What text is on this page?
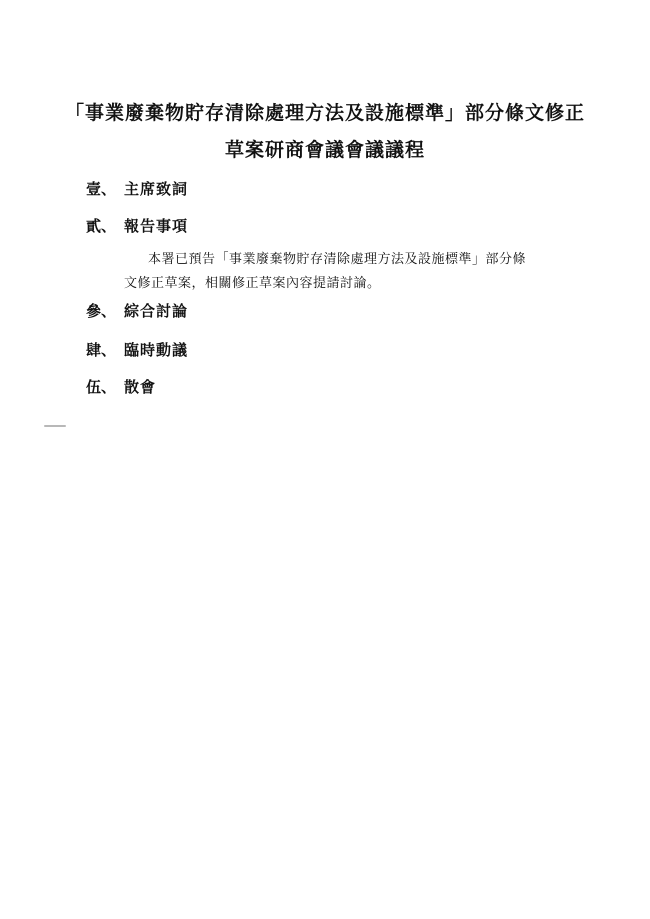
「事業廢棄物貯存清除處理方法及設施標準」部分條文修正
草案研商會議會議議程
壹、 主席致詞
貳、 報告事項
本署已預告「事業廢棄物貯存清除處理方法及設施標準」部分條
文修正草案，相關修正草案內容提請討論。
參、 綜合討論
肆、 臨時動議
伍、 散會
